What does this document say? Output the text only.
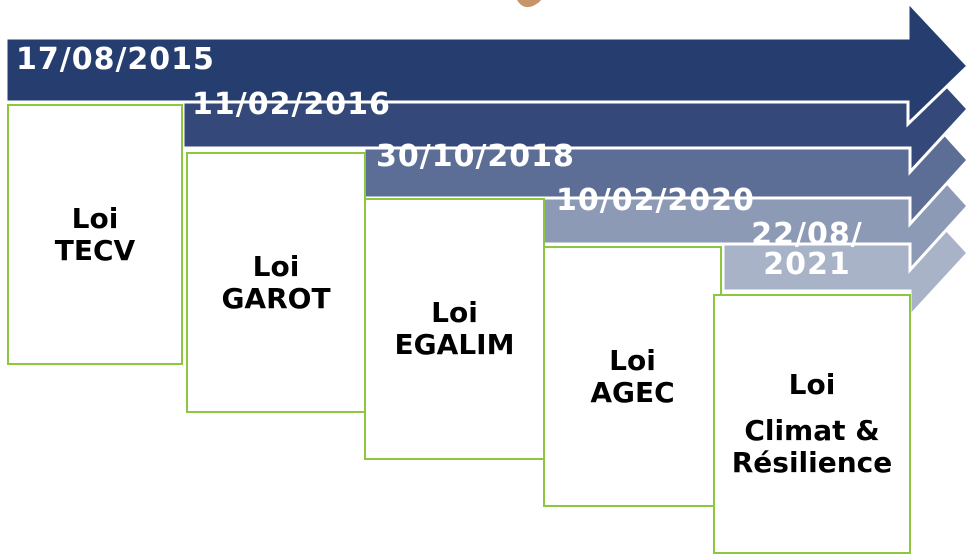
17/08/2015
11/02/2016
30/10/2018
10/02/2020
22/08/ 2021
Loi
TECV	Loi
GAROT	Loi
EGALIM	Loi
AGEC	Loi
Climat & Résilience
